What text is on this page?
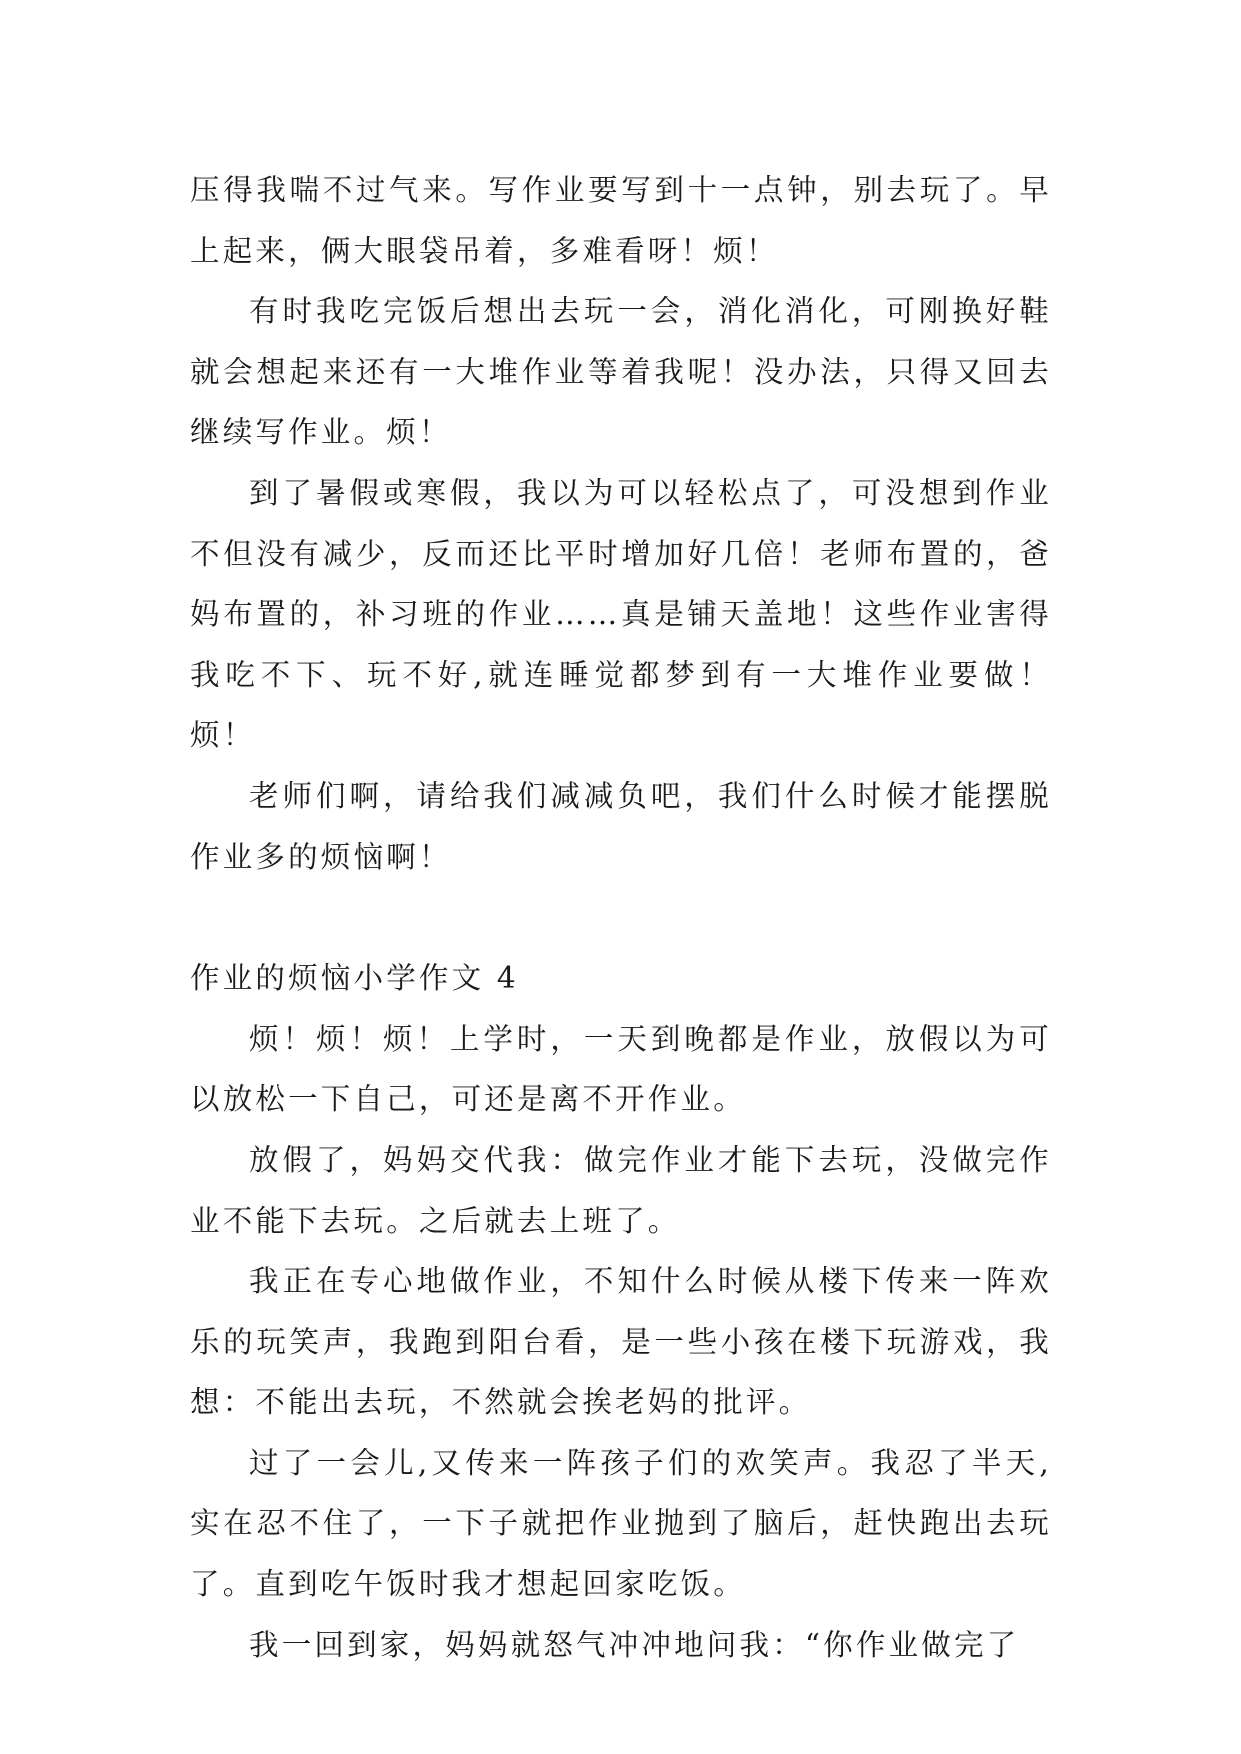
压得我喘不过气来。写作业要写到十一点钟，别去玩了。早上起来，俩大眼袋吊着，多难看呀！烦！

有时我吃完饭后想出去玩一会，消化消化，可刚换好鞋就会想起来还有一大堆作业等着我呢！没办法，只得又回去继续写作业。烦！

到了暑假或寒假，我以为可以轻松点了，可没想到作业不但没有减少，反而还比平时增加好几倍！老师布置的，爸妈布置的，补习班的作业……真是铺天盖地！这些作业害得我吃不下、玩不好,就连睡觉都梦到有一大堆作业要做！烦！

老师们啊，请给我们减减负吧，我们什么时候才能摆脱作业多的烦恼啊！

作业的烦恼小学作文 4

烦！烦！烦！上学时，一天到晚都是作业，放假以为可以放松一下自己，可还是离不开作业。

放假了，妈妈交代我：做完作业才能下去玩，没做完作业不能下去玩。之后就去上班了。

我正在专心地做作业，不知什么时候从楼下传来一阵欢乐的玩笑声，我跑到阳台看，是一些小孩在楼下玩游戏，我想：不能出去玩，不然就会挨老妈的批评。

过了一会儿,又传来一阵孩子们的欢笑声。我忍了半天,实在忍不住了，一下子就把作业抛到了脑后，赶快跑出去玩了。直到吃午饭时我才想起回家吃饭。

我一回到家，妈妈就怒气冲冲地问我：“你作业做完了
